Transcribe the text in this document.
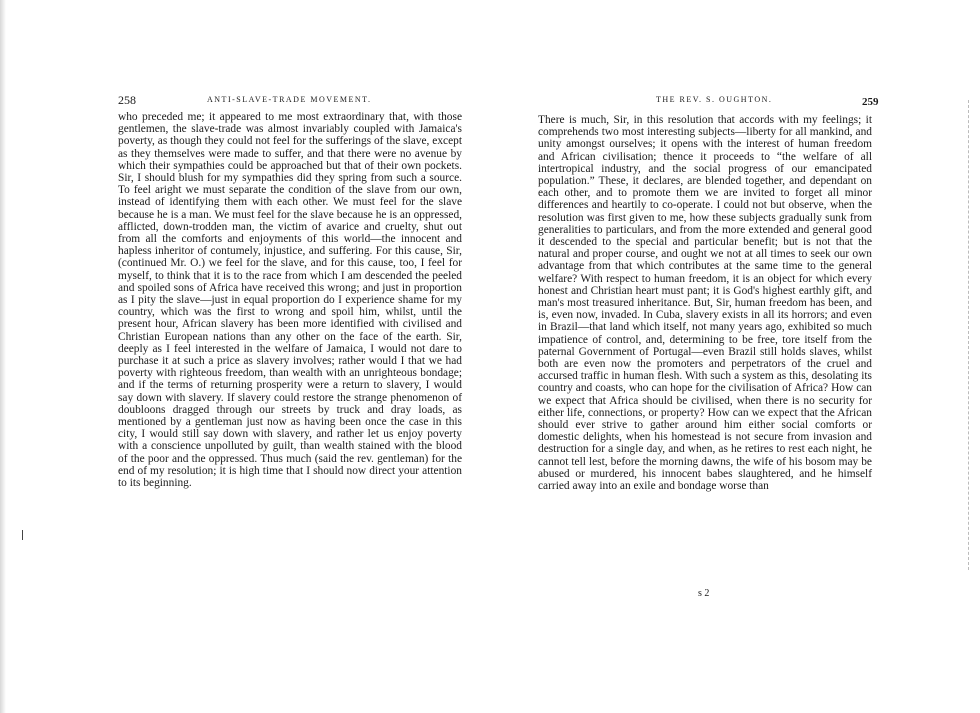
258	ANTI-SLAVE-TRADE MOVEMENT.

who preceded me; it appeared to me most extraordinary that, with those gentlemen, the slave-trade was almost invariably coupled with Jamaica's poverty, as though they could not feel for the sufferings of the slave, except as they themselves were made to suffer, and that there were no avenue by which their sympathies could be approached but that of their own pockets. Sir, I should blush for my sympathies did they spring from such a source. To feel aright we must separate the condition of the slave from our own, instead of identifying them with each other. We must feel for the slave because he is a man. We must feel for the slave because he is an oppressed, afflicted, down-trodden man, the victim of avarice and cruelty, shut out from all the comforts and enjoyments of this world—the innocent and hapless inheritor of contumely, injustice, and suffering. For this cause, Sir, (continued Mr. O.) we feel for the slave, and for this cause, too, I feel for myself, to think that it is to the race from which I am descended the peeled and spoiled sons of Africa have received this wrong; and just in proportion as I pity the slave—just in equal proportion do I experience shame for my country, which was the first to wrong and spoil him, whilst, until the present hour, African slavery has been more identified with civilised and Christian European nations than any other on the face of the earth. Sir, deeply as I feel interested in the welfare of Jamaica, I would not dare to purchase it at such a price as slavery involves; rather would I that we had poverty with righteous freedom, than wealth with an unrighteous bondage; and if the terms of returning prosperity were a return to slavery, I would say down with slavery. If slavery could restore the strange phenomenon of doubloons dragged through our streets by truck and dray loads, as mentioned by a gentleman just now as having been once the case in this city, I would still say down with slavery, and rather let us enjoy poverty with a conscience unpolluted by guilt, than wealth stained with the blood of the poor and the oppressed. Thus much (said the rev. gentleman) for the end of my resolution; it is high time that I should now direct your attention to its beginning.

THE REV. S. OUGHTON.	259

There is much, Sir, in this resolution that accords with my feelings; it comprehends two most interesting subjects—liberty for all mankind, and unity amongst ourselves; it opens with the interest of human freedom and African civilisation; thence it proceeds to “the welfare of all intertropical industry, and the social progress of our emancipated population.” These, it declares, are blended together, and dependant on each other, and to promote them we are invited to forget all minor differences and heartily to co-operate. I could not but observe, when the resolution was first given to me, how these subjects gradually sunk from generalities to particulars, and from the more extended and general good it descended to the special and particular benefit; but is not that the natural and proper course, and ought we not at all times to seek our own advantage from that which contributes at the same time to the general welfare? With respect to human freedom, it is an object for which every honest and Christian heart must pant; it is God's highest earthly gift, and man's most treasured inheritance. But, Sir, human freedom has been, and is, even now, invaded. In Cuba, slavery exists in all its horrors; and even in Brazil—that land which itself, not many years ago, exhibited so much impatience of control, and, determining to be free, tore itself from the paternal Government of Portugal—even Brazil still holds slaves, whilst both are even now the promoters and perpetrators of the cruel and accursed traffic in human flesh. With such a system as this, desolating its country and coasts, who can hope for the civilisation of Africa? How can we expect that Africa should be civilised, when there is no security for either life, connections, or property? How can we expect that the African should ever strive to gather around him either social comforts or domestic delights, when his homestead is not secure from invasion and destruction for a single day, and when, as he retires to rest each night, he cannot tell lest, before the morning dawns, the wife of his bosom may be abused or murdered, his innocent babes slaughtered, and he himself carried away into an exile and bondage worse than

s 2
